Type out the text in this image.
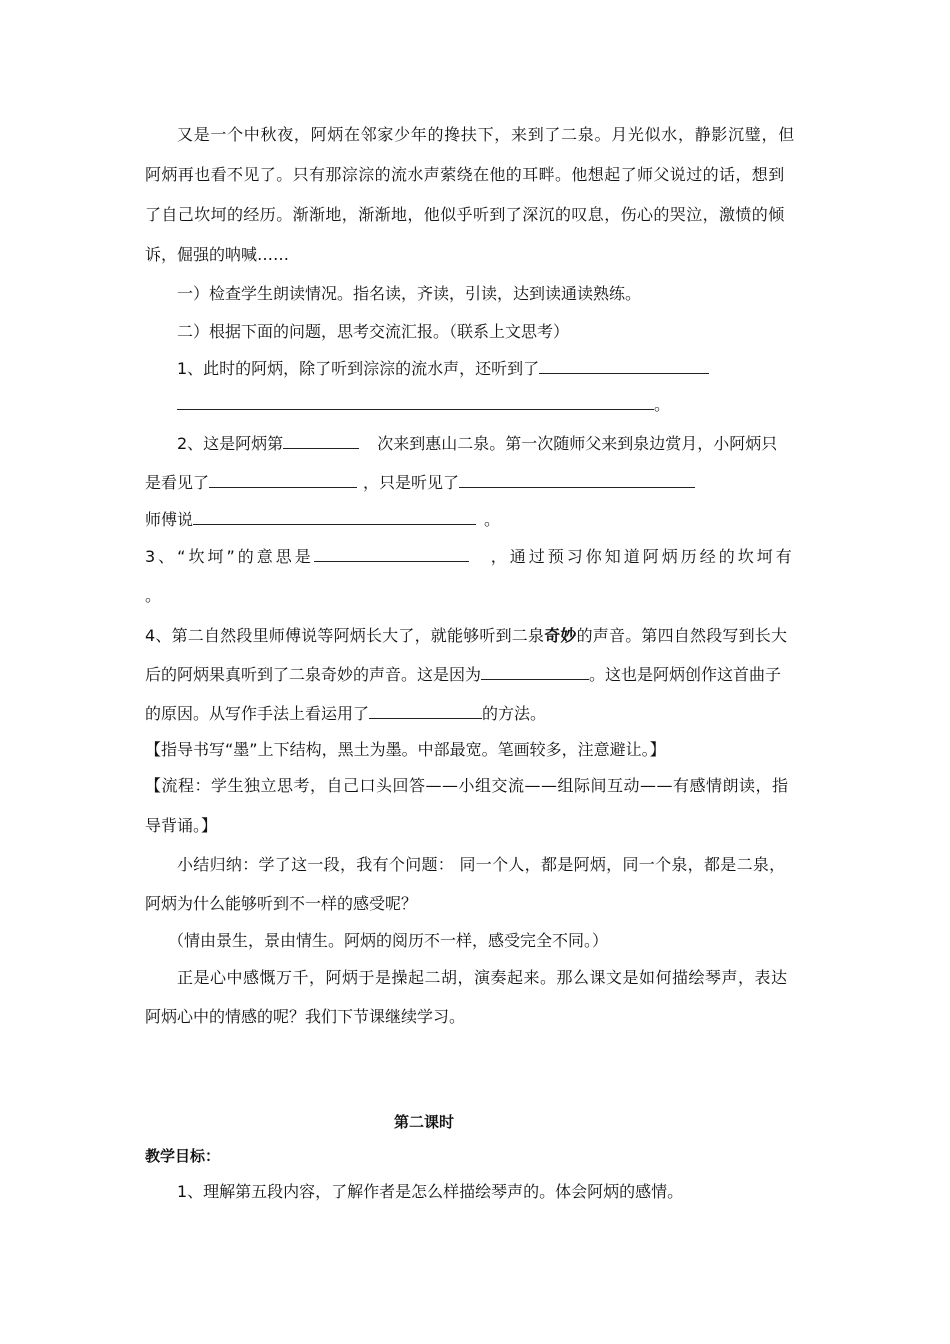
又是一个中秋夜，阿炳在邻家少年的搀扶下，来到了二泉。月光似水，静影沉璧，但
阿炳再也看不见了。只有那淙淙的流水声萦绕在他的耳畔。他想起了师父说过的话，想到
了自己坎坷的经历。渐渐地，渐渐地，他似乎听到了深沉的叹息，伤心的哭泣，激愤的倾
诉，倔强的呐喊……
一）检查学生朗读情况。指名读，齐读，引读，达到读通读熟练。
二）根据下面的问题，思考交流汇报。（联系上文思考）
1、此时的阿炳，除了听到淙淙的流水声，还听到了
。
2、这是阿炳第	次来到惠山二泉。第一次随师父来到泉边赏月，小阿炳只
是看见了	，只是听见了
师傅说	。
3、“坎坷”的意思是	，通过预习你知道阿炳历经的坎坷有
。
4、第二自然段里师傅说等阿炳长大了，就能够听到二泉奇妙的声音。第四自然段写到长大
后的阿炳果真听到了二泉奇妙的声音。这是因为	。这也是阿炳创作这首曲子
的原因。从写作手法上看运用了	的方法。
【指导书写“墨”上下结构，黑土为墨。中部最宽。笔画较多，注意避让。】
【流程：学生独立思考，自己口头回答——小组交流——组际间互动——有感情朗读，指
导背诵。】
小结归纳：学了这一段，我有个问题： 同一个人，都是阿炳，同一个泉，都是二泉，
阿炳为什么能够听到不一样的感受呢？
（情由景生，景由情生。阿炳的阅历不一样，感受完全不同。）
正是心中感慨万千，阿炳于是操起二胡，演奏起来。那么课文是如何描绘琴声，表达
阿炳心中的情感的呢？我们下节课继续学习。
第二课时
教学目标：
1、理解第五段内容，了解作者是怎么样描绘琴声的。体会阿炳的感情。
